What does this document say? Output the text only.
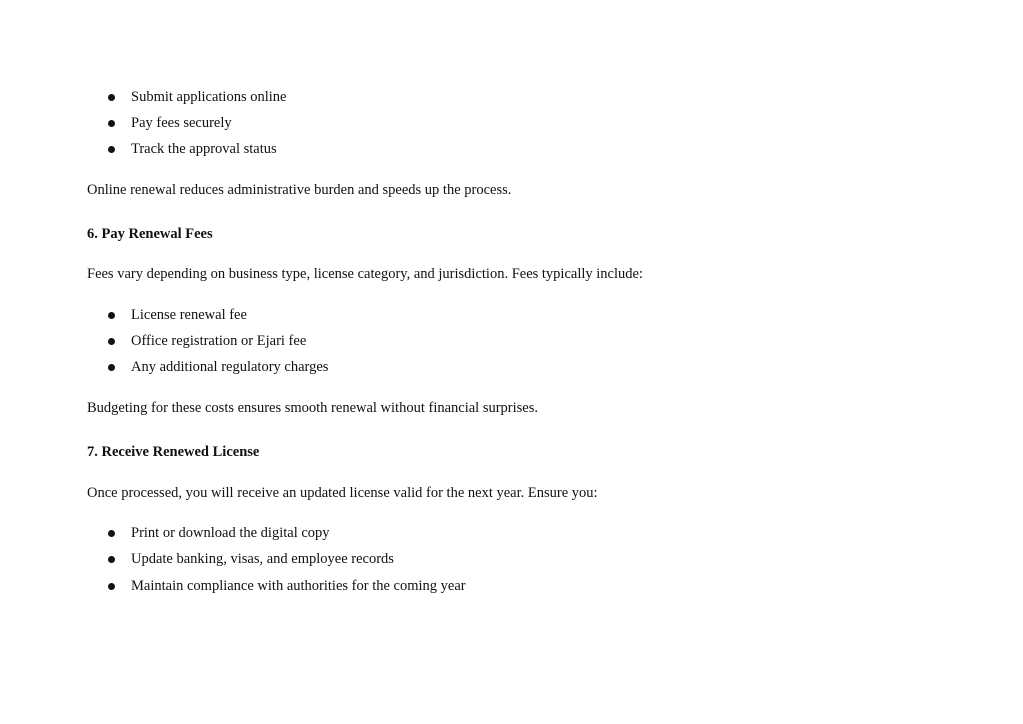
Submit applications online
Pay fees securely
Track the approval status
Online renewal reduces administrative burden and speeds up the process.
6. Pay Renewal Fees
Fees vary depending on business type, license category, and jurisdiction. Fees typically include:
License renewal fee
Office registration or Ejari fee
Any additional regulatory charges
Budgeting for these costs ensures smooth renewal without financial surprises.
7. Receive Renewed License
Once processed, you will receive an updated license valid for the next year. Ensure you:
Print or download the digital copy
Update banking, visas, and employee records
Maintain compliance with authorities for the coming year
